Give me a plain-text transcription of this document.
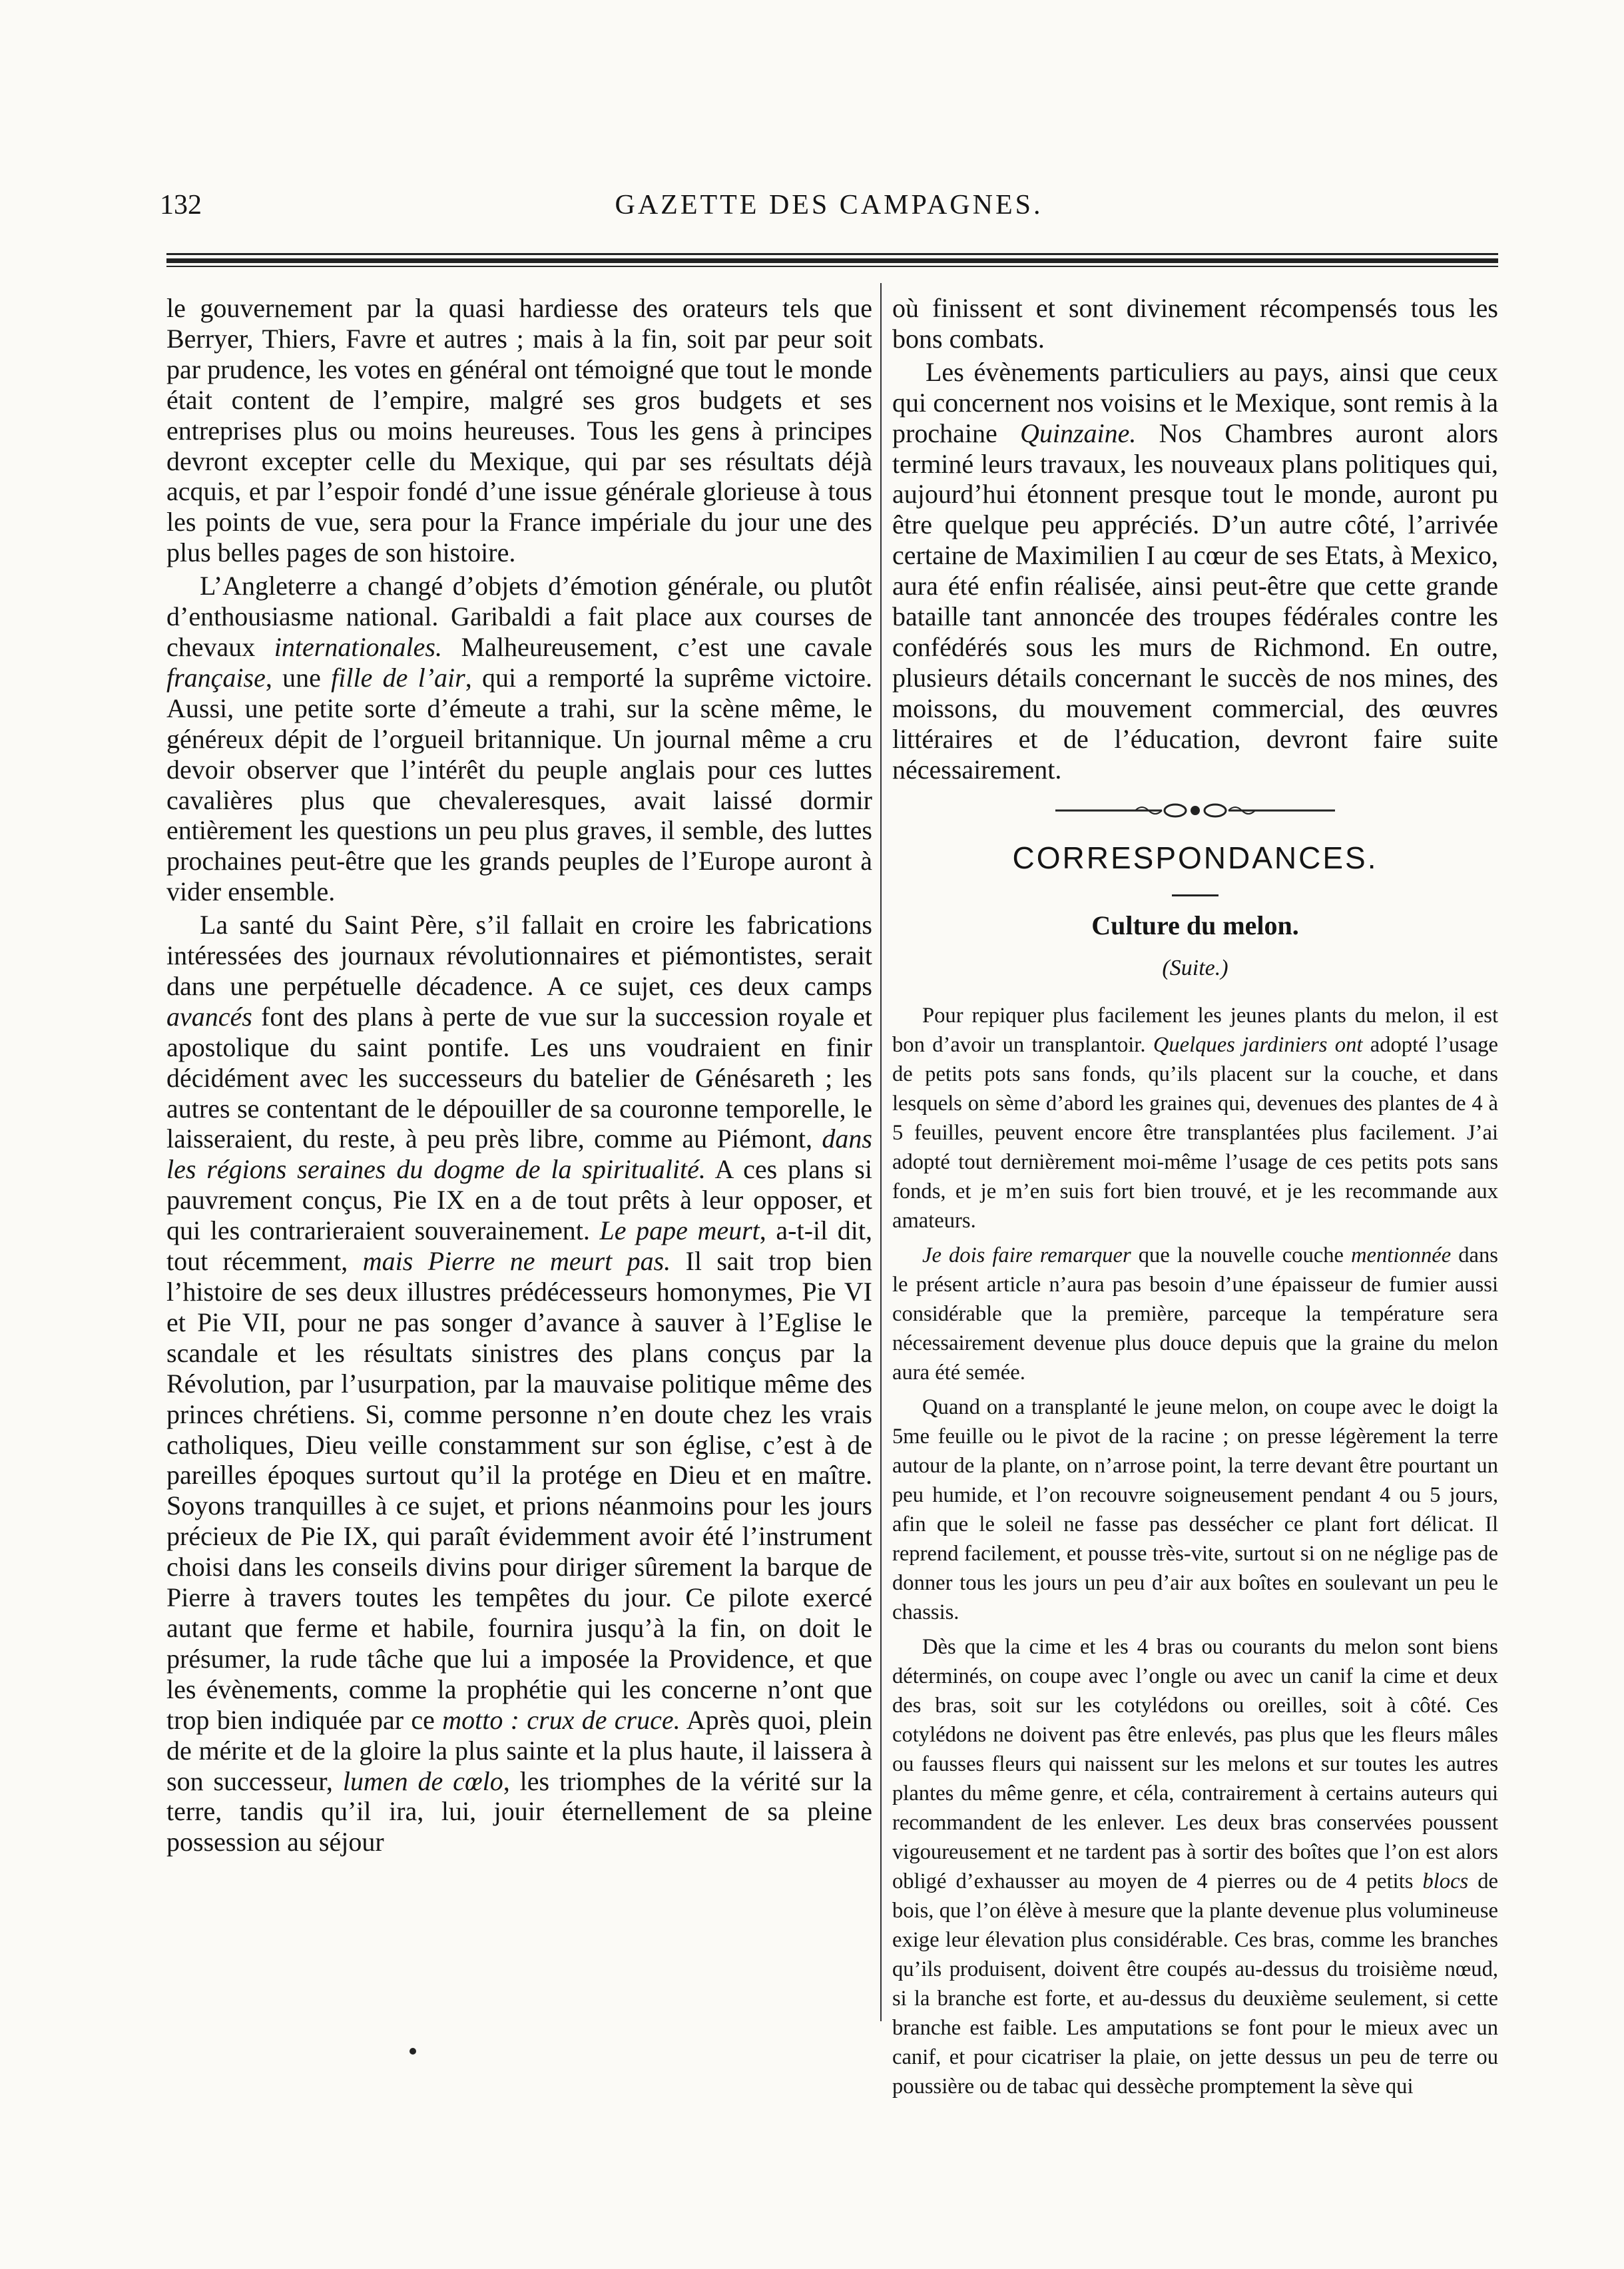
132	GAZETTE DES CAMPAGNES.

le gouvernement par la quasi hardiesse des orateurs tels que Berryer, Thiers, Favre et autres ; mais à la fin, soit par peur soit par prudence, les votes en général ont témoigné que tout le monde était content de l’empire, malgré ses gros budgets et ses entreprises plus ou moins heureuses. Tous les gens à principes devront excepter celle du Mexique, qui par ses résultats déjà acquis, et par l’espoir fondé d’une issue générale glorieuse à tous les points de vue, sera pour la France impériale du jour une des plus belles pages de son histoire.

L’Angleterre a changé d’objets d’émotion générale, ou plutôt d’enthousiasme national. Garibaldi a fait place aux courses de chevaux internationales. Malheureusement, c’est une cavale française, une fille de l’air, qui a remporté la suprême victoire. Aussi, une petite sorte d’émeute a trahi, sur la scène même, le généreux dépit de l’orgueil britannique. Un journal même a cru devoir observer que l’intérêt du peuple anglais pour ces luttes cavalières plus que chevaleresques, avait laissé dormir entièrement les questions un peu plus graves, il semble, des luttes prochaines peut-être que les grands peuples de l’Europe auront à vider ensemble.

La santé du Saint Père, s’il fallait en croire les fabrications intéressées des journaux révolutionnaires et piémontistes, serait dans une perpétuelle décadence. A ce sujet, ces deux camps avancés font des plans à perte de vue sur la succession royale et apostolique du saint pontife. Les uns voudraient en finir décidément avec les successeurs du batelier de Génésareth ; les autres se contentant de le dépouiller de sa couronne temporelle, le laisseraient, du reste, à peu près libre, comme au Piémont, dans les régions seraines du dogme de la spiritualité. A ces plans si pauvrement conçus, Pie IX en a de tout prêts à leur opposer, et qui les contrarieraient souverainement. Le pape meurt, a-t-il dit, tout récemment, mais Pierre ne meurt pas. Il sait trop bien l’histoire de ses deux illustres prédécesseurs homonymes, Pie VI et Pie VII, pour ne pas songer d’avance à sauver à l’Eglise le scandale et les résultats sinistres des plans conçus par la Révolution, par l’usurpation, par la mauvaise politique même des princes chrétiens. Si, comme personne n’en doute chez les vrais catholiques, Dieu veille constamment sur son église, c’est à de pareilles époques surtout qu’il la protége en Dieu et en maître. Soyons tranquilles à ce sujet, et prions néanmoins pour les jours précieux de Pie IX, qui paraît évidemment avoir été l’instrument choisi dans les conseils divins pour diriger sûrement la barque de Pierre à travers toutes les tempêtes du jour. Ce pilote exercé autant que ferme et habile, fournira jusqu’à la fin, on doit le présumer, la rude tâche que lui a imposée la Providence, et que les évènements, comme la prophétie qui les concerne n’ont que trop bien indiquée par ce motto : crux de cruce. Après quoi, plein de mérite et de la gloire la plus sainte et la plus haute, il laissera à son successeur, lumen de cœlo, les triomphes de la vérité sur la terre, tandis qu’il ira, lui, jouir éternellement de sa pleine possession au séjour

où finissent et sont divinement récompensés tous les bons combats.

Les évènements particuliers au pays, ainsi que ceux qui concernent nos voisins et le Mexique, sont remis à la prochaine Quinzaine. Nos Chambres auront alors terminé leurs travaux, les nouveaux plans politiques qui, aujourd’hui étonnent presque tout le monde, auront pu être quelque peu appréciés. D’un autre côté, l’arrivée certaine de Maximilien I au cœur de ses Etats, à Mexico, aura été enfin réalisée, ainsi peut-être que cette grande bataille tant annoncée des troupes fédérales contre les confédérés sous les murs de Richmond. En outre, plusieurs détails concernant le succès de nos mines, des moissons, du mouvement commercial, des œuvres littéraires et de l’éducation, devront faire suite nécessairement.

CORRESPONDANCES.
Culture du melon.
(Suite.)

Pour repiquer plus facilement les jeunes plants du melon, il est bon d’avoir un transplantoir. Quelques jardiniers ont adopté l’usage de petits pots sans fonds, qu’ils placent sur la couche, et dans lesquels on sème d’abord les graines qui, devenues des plantes de 4 à 5 feuilles, peuvent encore être transplantées plus facilement. J’ai adopté tout dernièrement moi-même l’usage de ces petits pots sans fonds, et je m’en suis fort bien trouvé, et je les recommande aux amateurs.

Je dois faire remarquer que la nouvelle couche mentionnée dans le présent article n’aura pas besoin d’une épaisseur de fumier aussi considérable que la première, parceque la température sera nécessairement devenue plus douce depuis que la graine du melon aura été semée.

Quand on a transplanté le jeune melon, on coupe avec le doigt la 5me feuille ou le pivot de la racine ; on presse légèrement la terre autour de la plante, on n’arrose point, la terre devant être pourtant un peu humide, et l’on recouvre soigneusement pendant 4 ou 5 jours, afin que le soleil ne fasse pas dessécher ce plant fort délicat. Il reprend facilement, et pousse très-vite, surtout si on ne néglige pas de donner tous les jours un peu d’air aux boîtes en soulevant un peu le chassis.

Dès que la cime et les 4 bras ou courants du melon sont biens déterminés, on coupe avec l’ongle ou avec un canif la cime et deux des bras, soit sur les cotylédons ou oreilles, soit à côté. Ces cotylédons ne doivent pas être enlevés, pas plus que les fleurs mâles ou fausses fleurs qui naissent sur les melons et sur toutes les autres plantes du même genre, et céla, contrairement à certains auteurs qui recommandent de les enlever. Les deux bras conservées poussent vigoureusement et ne tardent pas à sortir des boîtes que l’on est alors obligé d’exhausser au moyen de 4 pierres ou de 4 petits blocs de bois, que l’on élève à mesure que la plante devenue plus volumineuse exige leur élevation plus considérable. Ces bras, comme les branches qu’ils produisent, doivent être coupés au-dessus du troisième nœud, si la branche est forte, et au-dessus du deuxième seulement, si cette branche est faible. Les amputations se font pour le mieux avec un canif, et pour cicatriser la plaie, on jette dessus un peu de terre ou poussière ou de tabac qui dessèche promptement la sève qui
